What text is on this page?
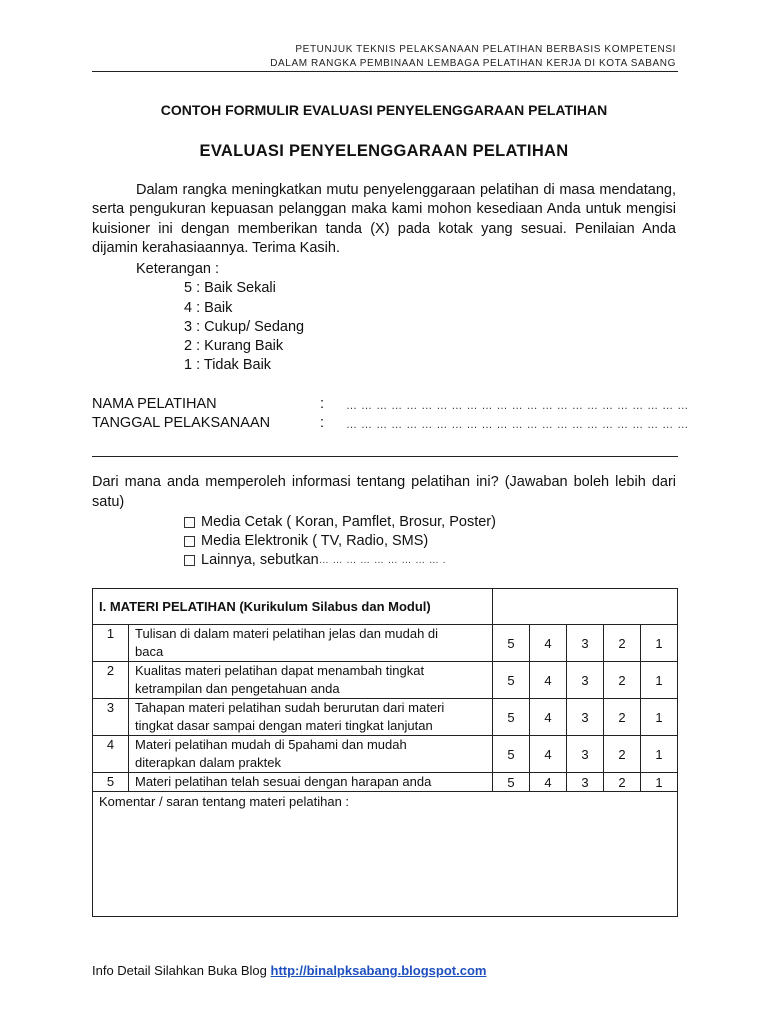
PETUNJUK TEKNIS PELAKSANAAN PELATIHAN BERBASIS KOMPETENSI
DALAM RANGKA PEMBINAAN LEMBAGA PELATIHAN KERJA DI KOTA SABANG
CONTOH FORMULIR EVALUASI PENYELENGGARAAN PELATIHAN
EVALUASI PENYELENGGARAAN PELATIHAN
Dalam rangka meningkatkan mutu penyelenggaraan pelatihan di masa mendatang, serta pengukuran kepuasan pelanggan maka kami mohon kesediaan Anda untuk mengisi kuisioner ini dengan memberikan tanda (X) pada kotak yang sesuai. Penilaian Anda dijamin kerahasiaannya. Terima Kasih.
Keterangan :
5 : Baik Sekali
4 : Baik
3 : Cukup/ Sedang
2 : Kurang Baik
1 : Tidak Baik
NAMA PELATIHAN	: … … … … … … … … … … … … … … … … … … … … … … …
TANGGAL PELAKSANAAN	: … … … … … … … … … … … … … … … … … … … … … … …
Dari mana anda memperoleh informasi tentang pelatihan ini? (Jawaban boleh lebih dari satu)
Media Cetak ( Koran, Pamflet, Brosur, Poster)
Media Elektronik ( TV, Radio, SMS)
Lainnya, sebutkan … … … … … … … … … .
I. MATERI PELATIHAN (Kurikulum Silabus dan Modul)						
1	Tulisan di dalam materi pelatihan jelas dan mudah di
baca	5	4	3	2	1
2	Kualitas materi pelatihan dapat menambah tingkat
ketrampilan dan pengetahuan anda	5	4	3	2	1
3	Tahapan materi pelatihan sudah berurutan dari materi
tingkat dasar sampai dengan materi tingkat lanjutan	5	4	3	2	1
4	Materi pelatihan mudah di 5pahami dan mudah
diterapkan dalam praktek	5	4	3	2	1
5	Materi pelatihan telah sesuai dengan harapan anda	5	4	3	2	1
Komentar / saran tentang materi pelatihan :						
Info Detail Silahkan Buka Blog http://binalpksabang.blogspot.com
